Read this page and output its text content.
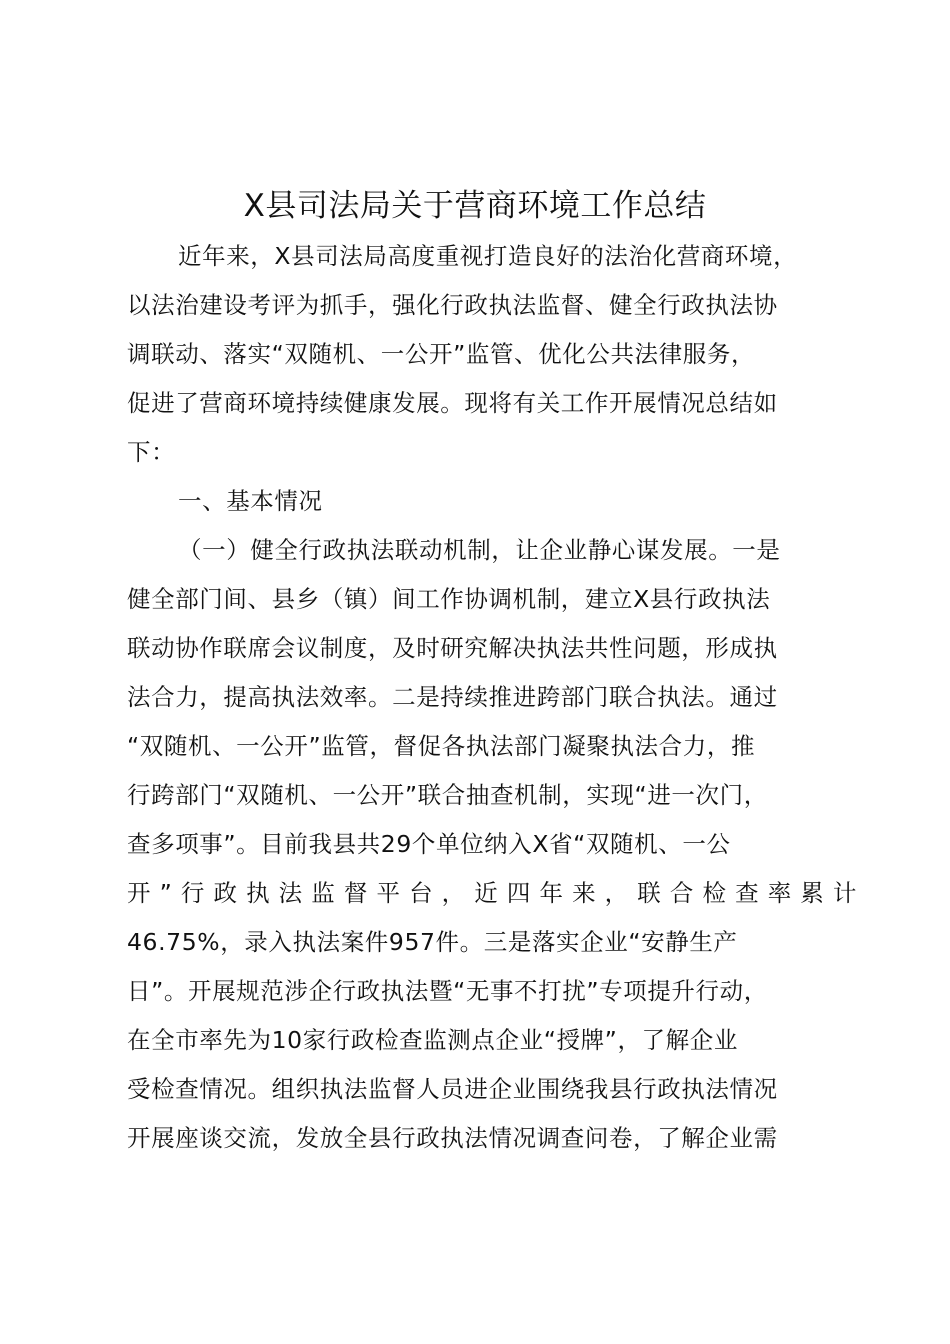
X县司法局关于营商环境工作总结
近年来，X县司法局高度重视打造良好的法治化营商环境，
以法治建设考评为抓手，强化行政执法监督、健全行政执法协
调联动、落实“双随机、一公开”监管、优化公共法律服务，
促进了营商环境持续健康发展。现将有关工作开展情况总结如
下：
一、基本情况
（一）健全行政执法联动机制，让企业静心谋发展。一是
健全部门间、县乡（镇）间工作协调机制，建立X县行政执法
联动协作联席会议制度，及时研究解决执法共性问题，形成执
法合力，提高执法效率。二是持续推进跨部门联合执法。通过
“双随机、一公开”监管，督促各执法部门凝聚执法合力，推
行跨部门“双随机、一公开”联合抽查机制，实现“进一次门，
查多项事”。目前我县共29个单位纳入X省“双随机、一公
开”行政执法监督平台，近四年来，联合检查率累计
46.75%，录入执法案件957件。三是落实企业“安静生产
日”。开展规范涉企行政执法暨“无事不打扰”专项提升行动，
在全市率先为10家行政检查监测点企业“授牌”，了解企业
受检查情况。组织执法监督人员进企业围绕我县行政执法情况
开展座谈交流，发放全县行政执法情况调查问卷，了解企业需
